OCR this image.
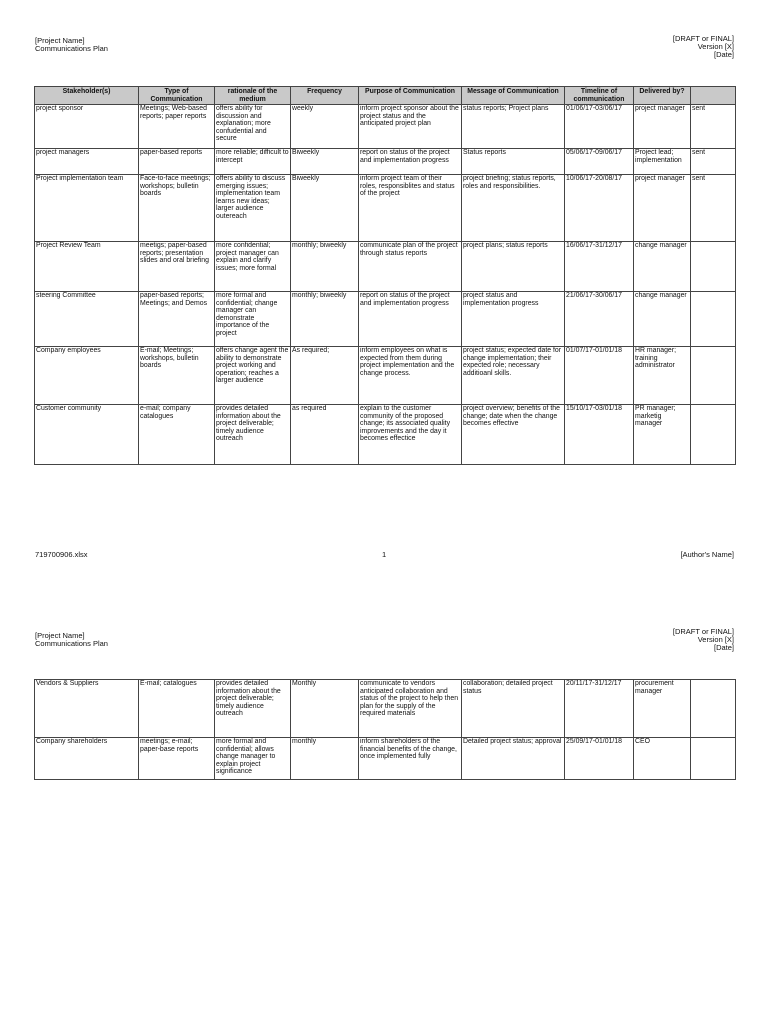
[Project Name]
Communications Plan
[DRAFT or FINAL]
Version [X]
[Date]
Stakeholder(s)	Type of Communication	rationale of the medium	Frequency	Purpose of Communication	Message of Communication	Timeline of communication	Delivered by?	
project sponsor	Meetings; Web-based reports; paper reports	offers ability for discussion and explanation; more confudential and secure	weekly	inform project sponsor about the project status and the anticipated project plan	status reports; Project plans	01/06/17-03/06/17	project manager	sent
project managers	paper-based reports	more reliable; difficult to intercept	Biweekly	report on status of the project and implementation progress	Status reports	05/06/17-09/06/17	Project lead; implementation	sent
Project implementation team	Face-to-face meetings; workshops; bulletin boards	offers ability to discuss emerging issues; implementation team learns new ideas; larger audience outereach	Biweekly	inform project team of their roles, responsiblites and status of the project	project briefing; status reports, roles and responsibilities.	10/06/17-20/08/17	project manager	sent
Project Review Team	meetigs; paper-based reports; presentation slides and oral briefing	more confidential; project manager can explain and clarify issues; more formal	monthly; biweekly	communicate plan of the project through status reports	project plans; status reports	16/06/17-31/12/17	change manager	
steering Committee	paper-based reports; Meetings; and Demos	more formal and confidential; change manager can demonstrate importance of the project	monthly; biweekly	report on status of the project and implementation progress	project status and implementation progress	21/06/17-30/06/17	change manager	
Company employees	E-mail; Meetings; workshops, bulletin boards	offers change agent the ability to demonstrate project working and operation; reaches a larger audience	As required;	inform employees on what is expected from them during project implementation and the change process.	project status; expected date for change implementation; their expected role; necessary additioanl skills.	01/07/17-01/01/18	HR manager; training administrator	
Customer community	e-mail; company catalogues	provides detailed information about the project deliverable; timely audience outreach	as required	explain to the customer community of the proposed change; its associated quality improvements and the day it becomes effectice	project overview; benefits of the change; date when the change becomes effective	15/10/17-03/01/18	PR manager; marketig manager	
719700906.xlsx	1	[Author's Name]
[Project Name]
Communications Plan
[DRAFT or FINAL]
Version [X]
[Date]
Vendors & Suppliers	E-mail; catalogues	provides detailed information about the project deliverable; timely audience outreach	Monthly	communicate to vendors anticipated collaboration and status of the project to help then plan for the supply of the required materials	collaboration; detailed project status	20/11/17-31/12/17	procurement manager	
Company shareholders	meetings; e-mail; paper-base reports	more formal and confidential; allows change manager to explain project significance	monthly	inform shareholders of the financial benefits of the change, once implemented fully	Detailed project status; approval	25/09/17-01/01/18	CEO	
